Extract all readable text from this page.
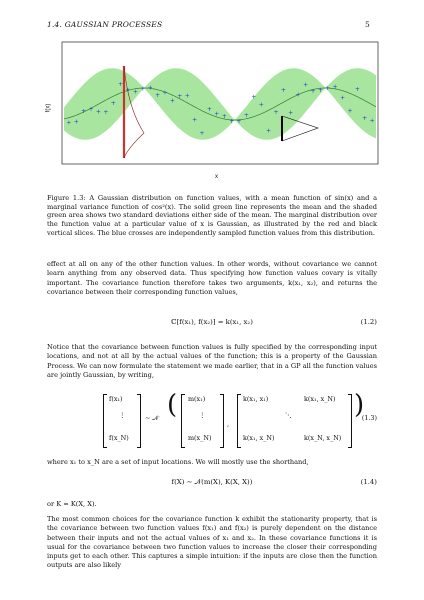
1.4. GAUSSIAN PROCESSES	5
+ +
+ + + +
+
+
+ + + +
+ +
+
+ +
+
+
+
+ +
+ +
+
+
+
+
+
+
+
+
+
+ + + +
+
+
+
+ +
f(x)
x
Figure 1.3: A Gaussian distribution on function values, with a mean function of sin(x) and a marginal variance function of cos²(x). The solid green line represents the mean and the shaded green area shows two standard deviations either side of the mean. The marginal distribution over the function value at a particular value of x is Gaussian, as illustrated by the red and black vertical slices. The blue crosses are independently sampled function values from this distribution.
effect at all on any of the other function values. In other words, without covariance we cannot learn anything from any observed data. Thus specifying how function values covary is vitally important. The covariance function therefore takes two arguments, k(x₁, x₂), and returns the covariance between their corresponding function values,
ℂ[f(x₁), f(x₂)] = k(x₁, x₂)	(1.2)
Notice that the covariance between function values is fully specified by the corresponding input locations, and not at all by the actual values of the function; this is a property of the Gaussian Process. We can now formulate the statement we made earlier, that in a GP all the function values are jointly Gaussian, by writing,
f(x₁)
⋮
f(x_N)
∼ 𝒩 ( m(x₁)
⋮
m(x_N)
,
k(x₁, x₁)	k(x₁, x_N)
⋱
k(x₁, x_N)	k(x_N, x_N)
)
(1.3)
where x₁ to x_N are a set of input locations. We will mostly use the shorthand,
f(X) ∼ 𝒩(m(X), K(X, X))	(1.4)
or K = K(X, X).
The most common choices for the covariance function k exhibit the stationarity property, that is the covariance between two function values f(x₁) and f(x₂) is purely dependent on the distance between their inputs and not the actual values of x₁ and x₂. In these covariance functions it is usual for the covariance between two function values to increase the closer their corresponding inputs get to each other. This captures a simple intuition: if the inputs are close then the function outputs are also likely
